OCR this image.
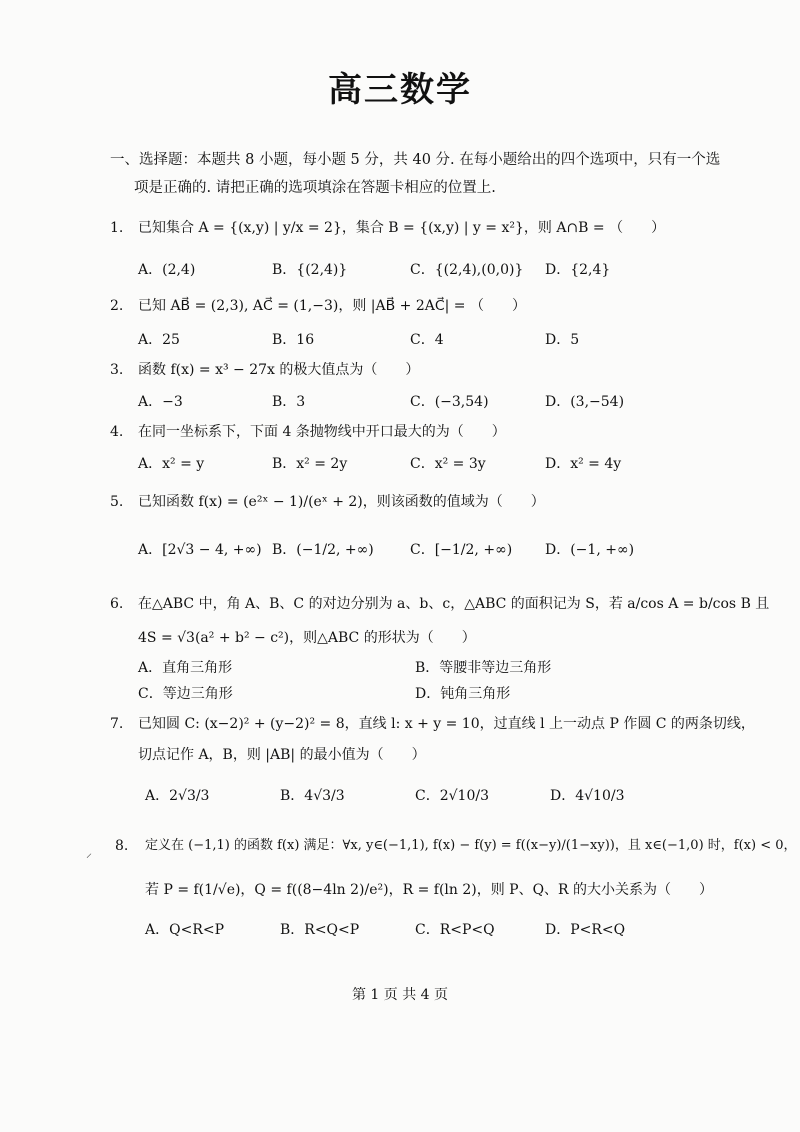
高三数学
一、选择题：本题共 8 小题，每小题 5 分，共 40 分. 在每小题给出的四个选项中，只有一个选
项是正确的. 请把正确的选项填涂在答题卡相应的位置上.
1. 已知集合 A = {(x,y) | y/x = 2}，集合 B = {(x,y) | y = x²}，则 A∩B = （　　）
A．(2,4)	B．{(2,4)}	C．{(2,4),(0,0)} D．{2,4}
2. 已知 AB⃗ = (2,3), AC⃗ = (1,−3)，则 |AB⃗ + 2AC⃗| = （　　）
A．25	B．16	C．4	D．5
3. 函数 f(x) = x³ − 27x 的极大值点为（　　）
A．−3	B．3	C．(−3,54)	D．(3,−54)
4. 在同一坐标系下，下面 4 条抛物线中开口最大的为（　　）
A．x² = y	B．x² = 2y	C．x² = 3y	D．x² = 4y
5. 已知函数 f(x) = (e²ˣ − 1)/(eˣ + 2)，则该函数的值域为（　　）
A．[2√3 − 4, +∞) B．(−1/2, +∞)	C．[−1/2, +∞) D．(−1, +∞)
6. 在△ABC 中，角 A、B、C 的对边分别为 a、b、c，△ABC 的面积记为 S，若 a/cos A = b/cos B 且
4S = √3(a² + b² − c²)，则△ABC 的形状为（　　）
A．直角三角形	B．等腰非等边三角形
C．等边三角形	D．钝角三角形
7. 已知圆 C: (x−2)² + (y−2)² = 8，直线 l: x + y = 10，过直线 l 上一动点 P 作圆 C 的两条切线，
切点记作 A，B，则 |AB| 的最小值为（　　）
A．2√3/3	B．4√3/3	C．2√10/3	D．4√10/3
⸝ 8. 定义在 (−1,1) 的函数 f(x) 满足：∀x, y∈(−1,1), f(x) − f(y) = f((x−y)/(1−xy))，且 x∈(−1,0) 时，f(x) < 0，
若 P = f(1/√e)，Q = f((8−4ln 2)/e²)，R = f(ln 2)，则 P、Q、R 的大小关系为（　　）
A．Q<R<P	B．R<Q<P	C．R<P<Q	D．P<R<Q
第 1 页 共 4 页
